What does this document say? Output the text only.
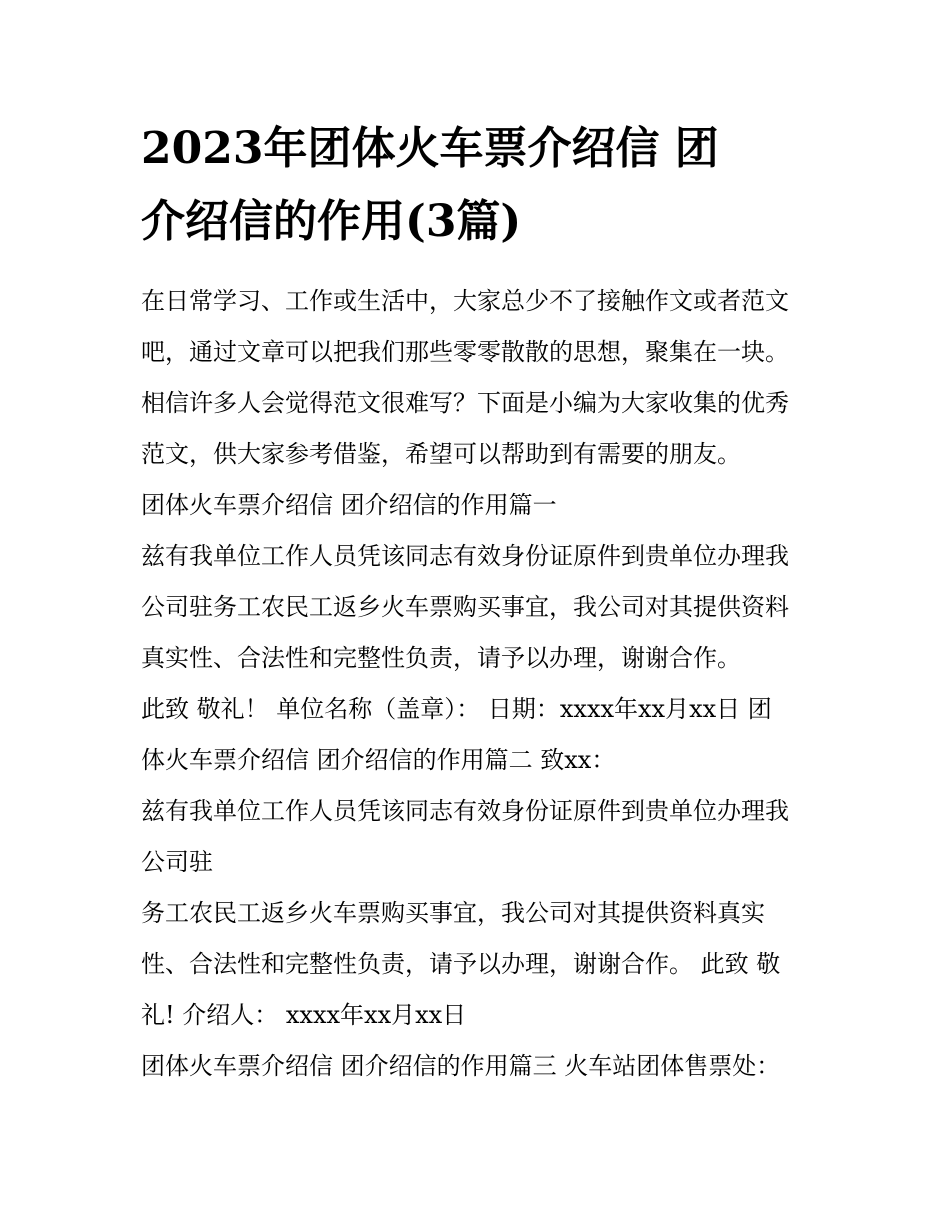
2023年团体火车票介绍信 团
介绍信的作用(3篇)
在日常学习、工作或生活中，大家总少不了接触作文或者范文
吧，通过文章可以把我们那些零零散散的思想，聚集在一块。
相信许多人会觉得范文很难写？下面是小编为大家收集的优秀
范文，供大家参考借鉴，希望可以帮助到有需要的朋友。
团体火车票介绍信 团介绍信的作用篇一
兹有我单位工作人员凭该同志有效身份证原件到贵单位办理我
公司驻务工农民工返乡火车票购买事宜，我公司对其提供资料
真实性、合法性和完整性负责，请予以办理，谢谢合作。
此致 敬礼！ 单位名称（盖章）： 日期：xxxx年xx月xx日 团
体火车票介绍信 团介绍信的作用篇二 致xx：
兹有我单位工作人员凭该同志有效身份证原件到贵单位办理我
公司驻
务工农民工返乡火车票购买事宜，我公司对其提供资料真实
性、合法性和完整性负责，请予以办理，谢谢合作。 此致 敬
礼! 介绍人： xxxx年xx月xx日
团体火车票介绍信 团介绍信的作用篇三 火车站团体售票处：
